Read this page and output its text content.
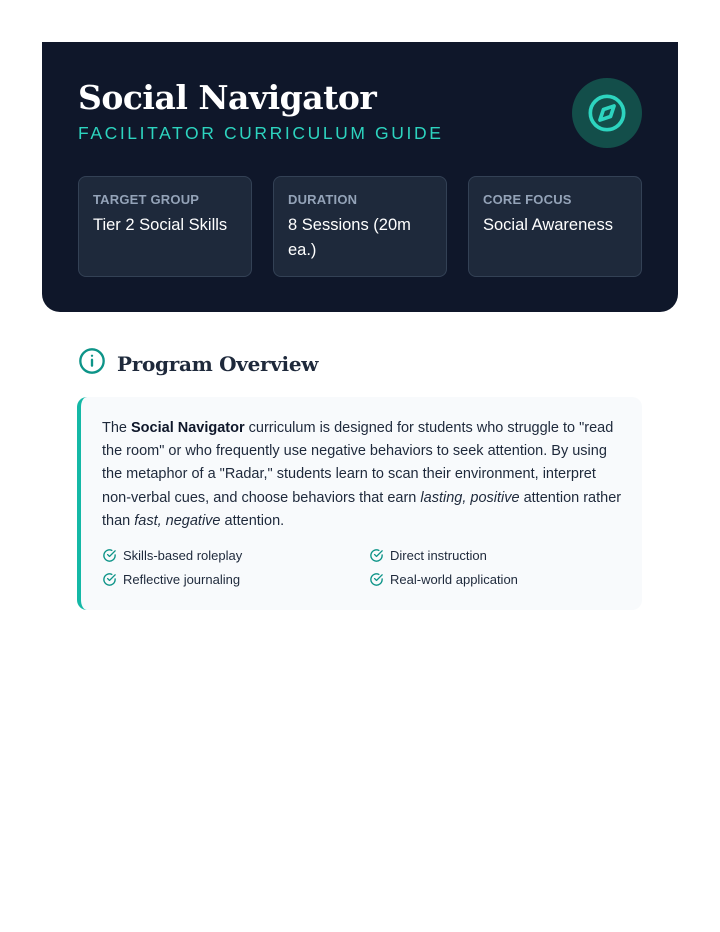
Social Navigator
FACILITATOR CURRICULUM GUIDE
TARGET GROUP
Tier 2 Social Skills
DURATION
8 Sessions (20m ea.)
CORE FOCUS
Social Awareness
Program Overview

The Social Navigator curriculum is designed for students who struggle to "read the room" or who frequently use negative behaviors to seek attention. By using the metaphor of a "Radar," students learn to scan their environment, interpret non-verbal cues, and choose behaviors that earn lasting, positive attention rather than fast, negative attention.

Skills-based roleplay	Direct instruction
Reflective journaling	Real-world application
